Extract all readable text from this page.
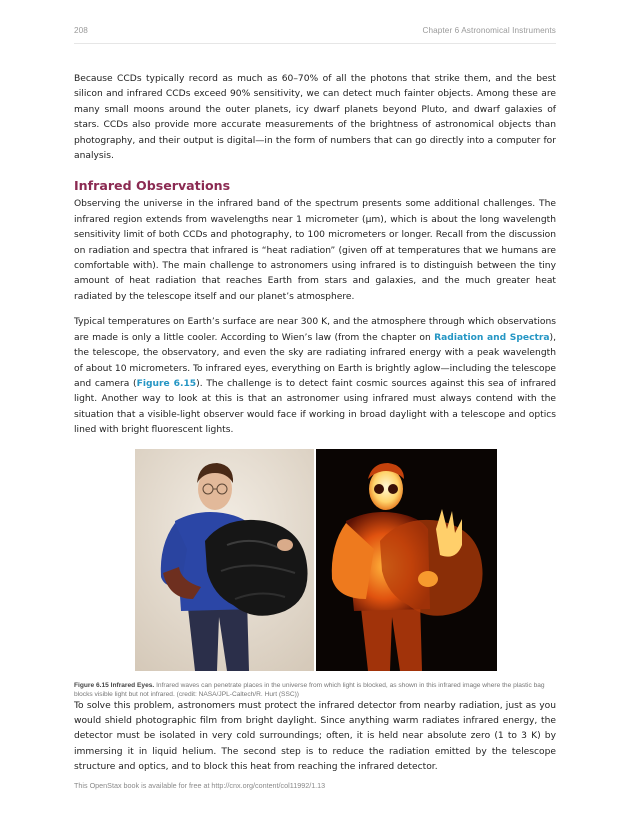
208	Chapter 6 Astronomical Instruments

Because CCDs typically record as much as 60–70% of all the photons that strike them, and the best silicon and infrared CCDs exceed 90% sensitivity, we can detect much fainter objects. Among these are many small moons around the outer planets, icy dwarf planets beyond Pluto, and dwarf galaxies of stars. CCDs also provide more accurate measurements of the brightness of astronomical objects than photography, and their output is digital—in the form of numbers that can go directly into a computer for analysis.

Infrared Observations

Observing the universe in the infrared band of the spectrum presents some additional challenges. The infrared region extends from wavelengths near 1 micrometer (µm), which is about the long wavelength sensitivity limit of both CCDs and photography, to 100 micrometers or longer. Recall from the discussion on radiation and spectra that infrared is “heat radiation” (given off at temperatures that we humans are comfortable with). The main challenge to astronomers using infrared is to distinguish between the tiny amount of heat radiation that reaches Earth from stars and galaxies, and the much greater heat radiated by the telescope itself and our planet’s atmosphere.

Typical temperatures on Earth’s surface are near 300 K, and the atmosphere through which observations are made is only a little cooler. According to Wien’s law (from the chapter on Radiation and Spectra), the telescope, the observatory, and even the sky are radiating infrared energy with a peak wavelength of about 10 micrometers. To infrared eyes, everything on Earth is brightly aglow—including the telescope and camera (Figure 6.15). The challenge is to detect faint cosmic sources against this sea of infrared light. Another way to look at this is that an astronomer using infrared must always contend with the situation that a visible-light observer would face if working in broad daylight with a telescope and optics lined with bright fluorescent lights.

Figure 6.15 Infrared Eyes. Infrared waves can penetrate places in the universe from which light is blocked, as shown in this infrared image where the plastic bag blocks visible light but not infrared. (credit: NASA/JPL-Caltech/R. Hurt (SSC))

To solve this problem, astronomers must protect the infrared detector from nearby radiation, just as you would shield photographic film from bright daylight. Since anything warm radiates infrared energy, the detector must be isolated in very cold surroundings; often, it is held near absolute zero (1 to 3 K) by immersing it in liquid helium. The second step is to reduce the radiation emitted by the telescope structure and optics, and to block this heat from reaching the infrared detector.

This OpenStax book is available for free at http://cnx.org/content/col11992/1.13
